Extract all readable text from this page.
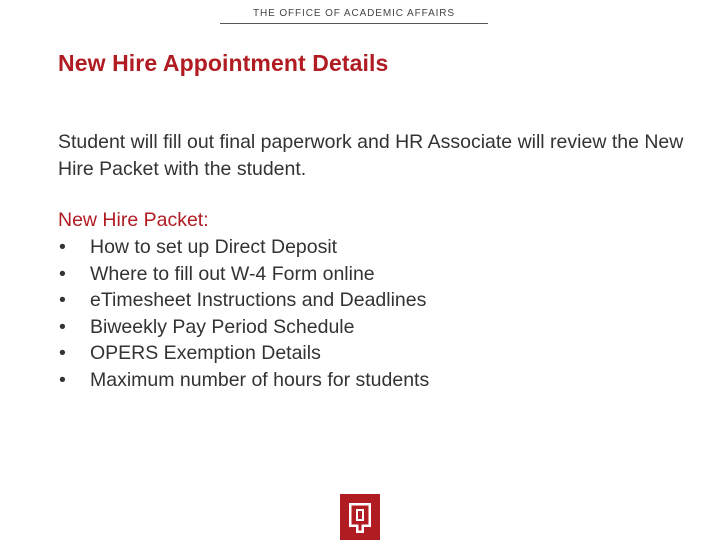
THE OFFICE OF ACADEMIC AFFAIRS
New Hire Appointment Details

Student will fill out final paperwork and HR Associate will review the New Hire Packet with the student.

New Hire Packet:

• How to set up Direct Deposit
• Where to fill out W-4 Form online
• eTimesheet Instructions and Deadlines
• Biweekly Pay Period Schedule
• OPERS Exemption Details
• Maximum number of hours for students
